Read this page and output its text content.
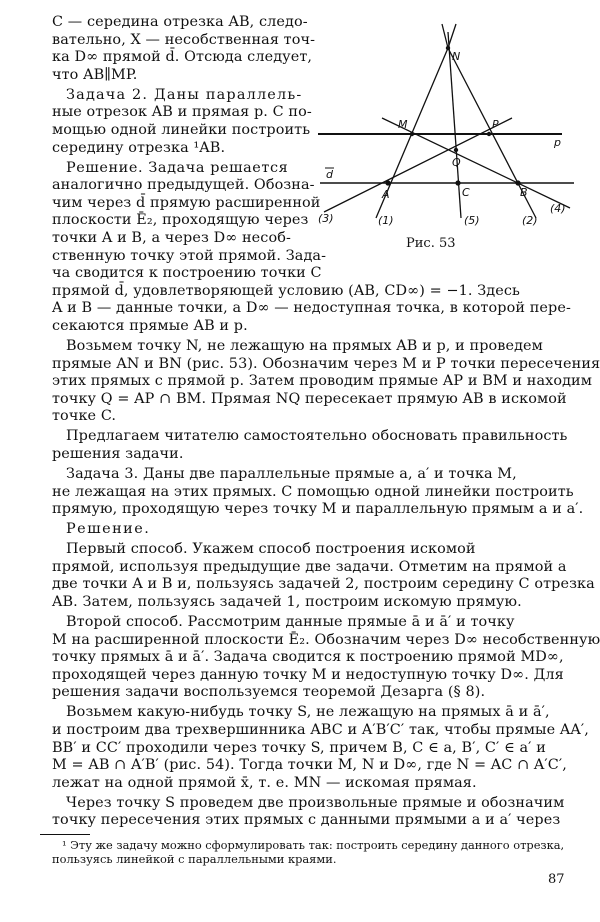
C — середина отрезка AB, следо-
вательно, X — несобственная точ-
ка D∞ прямой d̄. Отсюда следует,
что AB∥MP.
Задача 2. Даны параллель-
ные отрезок AB и прямая p. С по-
мощью одной линейки построить
середину отрезка ¹AB.
Решение. Задача решается
аналогично предыдущей. Обозна-
чим через d̄ прямую расширенной
плоскости Ē₂, проходящую через
точки A и B, а через D∞ несоб-
ственную точку этой прямой. Зада-
ча сводится к построению точки C
N
M	P
p
Q
d
A	C	B
(3)	(1)	(5)	(2)
(4)
Рис. 53
прямой d̄, удовлетворяющей условию (AB, CD∞) = −1. Здесь
A и B — данные точки, а D∞ — недоступная точка, в которой пере-
секаются прямые AB и p.
Возьмем точку N, не лежащую на прямых AB и p, и проведем
прямые AN и BN (рис. 53). Обозначим через M и P точки пересечения
этих прямых с прямой p. Затем проводим прямые AP и BM и находим
точку Q = AP ∩ BM. Прямая NQ пересекает прямую AB в искомой
точке C.
Предлагаем читателю самостоятельно обосновать правильность
решения задачи.
Задача 3. Даны две параллельные прямые a, a′ и точка M,
не лежащая на этих прямых. С помощью одной линейки построить
прямую, проходящую через точку M и параллельную прямым a и a′.
Решение.
Первый способ. Укажем способ построения искомой
прямой, используя предыдущие две задачи. Отметим на прямой a
две точки A и B и, пользуясь задачей 2, построим середину C отрезка
AB. Затем, пользуясь задачей 1, построим искомую прямую.
Второй способ. Рассмотрим данные прямые ā и ā′ и точку
M на расширенной плоскости Ē₂. Обозначим через D∞ несобственную
точку прямых ā и ā′. Задача сводится к построению прямой MD∞,
проходящей через данную точку M и недоступную точку D∞. Для
решения задачи воспользуемся теоремой Дезарга (§ 8).
Возьмем какую-нибудь точку S, не лежащую на прямых ā и ā′,
и построим два трехвершинника ABC и A′B′C′ так, чтобы прямые AA′,
BB′ и CC′ проходили через точку S, причем B, C ∈ a, B′, C′ ∈ a′ и
M = AB ∩ A′B′ (рис. 54). Тогда точки M, N и D∞, где N = AC ∩ A′C′,
лежат на одной прямой x̄, т. е. MN — искомая прямая.
Через точку S проведем две произвольные прямые и обозначим
точку пересечения этих прямых с данными прямыми a и a′ через
87
¹ Эту же задачу можно сформулировать так: построить середину данного отрезка,
пользуясь линейкой с параллельными краями.
